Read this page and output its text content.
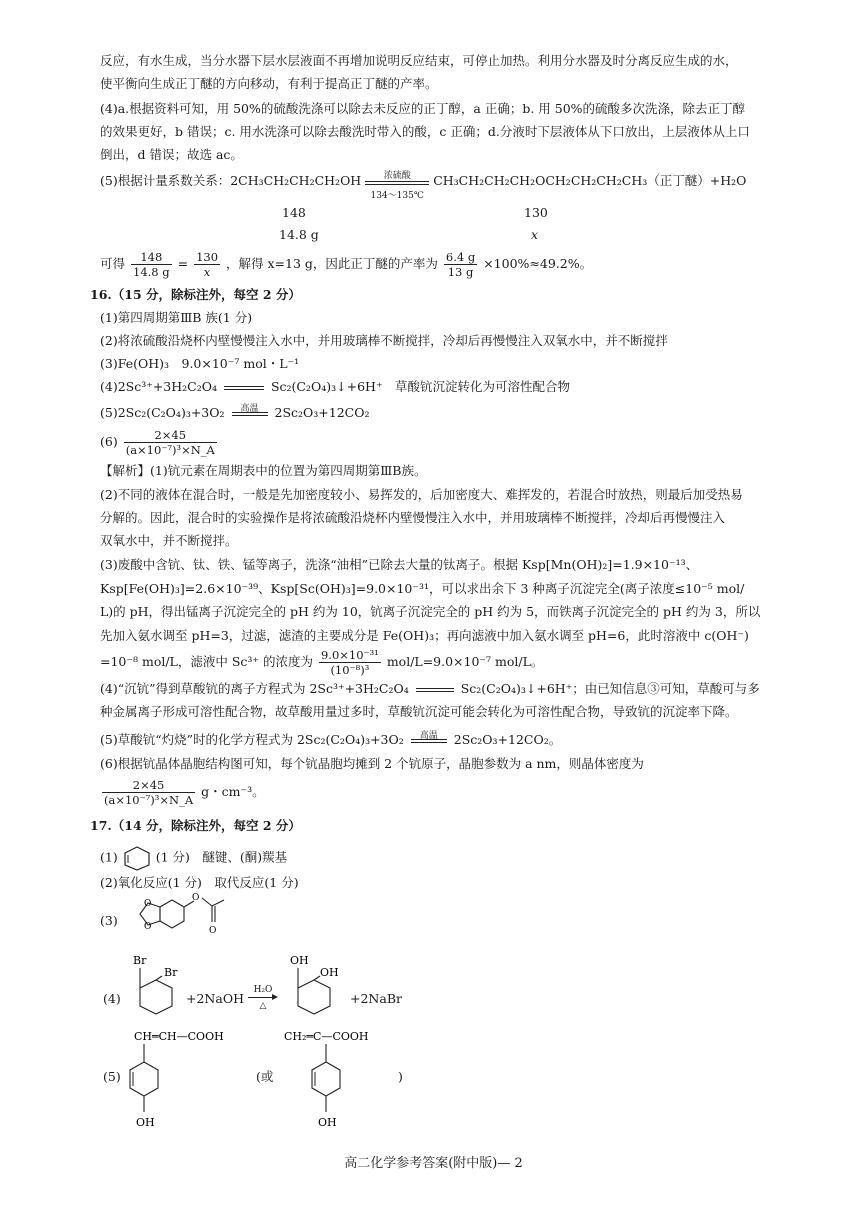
反应，有水生成，当分水器下层水层液面不再增加说明反应结束，可停止加热。利用分水器及时分离反应生成的水，
使平衡向生成正丁醚的方向移动，有利于提高正丁醚的产率。
(4)a.根据资料可知，用 50%的硫酸洗涤可以除去未反应的正丁醇，a 正确；b. 用 50%的硫酸多次洗涤，除去正丁醇
的效果更好，b 错误；c. 用水洗涤可以除去酸洗时带入的酸，c 正确；d.分液时下层液体从下口放出，上层液体从上口
倒出，d 错误；故选 ac。
(5)根据计量系数关系：2CH₃CH₂CH₂CH₂OH	浓硫酸
134～135℃
CH₃CH₂CH₂CH₂OCH₂CH₂CH₂CH₃（正丁醚）+H₂O
148	130
14.8 g	x
可得 $\frac{148}{14.8 g} = \frac{130}{x}$ ，解得 x=13 g，因此正丁醚的产率为 $\frac{6.4 g}{13 g} \times 100\%\approx 49.2\%$。
16.（15 分，除标注外，每空 2 分）
(1)第四周期第ⅢB 族(1 分)
(2)将浓硫酸沿烧杯内壁慢慢注入水中，并用玻璃棒不断搅拌，冷却后再慢慢注入双氧水中，并不断搅拌
(3)Fe(OH)₃　9.0×10⁻⁷ mol・L⁻¹
(4)2Sc³⁺+3H₂C₂O₄	Sc₂(C₂O₄)₃↓+6H⁺　草酸钪沉淀转化为可溶性配合物
(5)2Sc₂(C₂O₄)₃+3O₂	高温	2Sc₂O₃+12CO₂
$(6) \frac{2\times 45}{\text{(a×10⁻⁷)³×N\_A}}$
【解析】(1)钪元素在周期表中的位置为第四周期第ⅢB族。
(2)不同的液体在混合时，一般是先加密度较小、易挥发的，后加密度大、难挥发的，若混合时放热，则最后加受热易
分解的。因此，混合时的实验操作是将浓硫酸沿烧杯内壁慢慢注入水中，并用玻璃棒不断搅拌，冷却后再慢慢注入
双氧水中，并不断搅拌。
(3)废酸中含钪、钛、铁、锰等离子，洗涤“油相”已除去大量的钛离子。根据 Ksp[Mn(OH)₂]=1.9×10⁻¹³、
Ksp[Fe(OH)₃]=2.6×10⁻³⁹、Ksp[Sc(OH)₃]=9.0×10⁻³¹，可以求出余下 3 种离子沉淀完全(离子浓度≤10⁻⁵ mol/
L)的 pH，得出锰离子沉淀完全的 pH 约为 10，钪离子沉淀完全的 pH 约为 5，而铁离子沉淀完全的 pH 约为 3，所以
先加入氨水调至 pH=3，过滤，滤渣的主要成分是 Fe(OH)₃；再向滤液中加入氨水调至 pH=6，此时溶液中 c(OH⁻)
=10⁻⁸ mol/L，滤液中 Sc³⁺ 的浓度为 $\frac{\text{9.0×10⁻³¹}}{\text{(10⁻⁸)³}} mol/L=9.0\times 10^{-7}$ mol/L。
(4)“沉钪”得到草酸钪的离子方程式为 2Sc³⁺+3H₂C₂O₄	Sc₂(C₂O₄)₃↓+6H⁺；由已知信息③可知，草酸可与多
种金属离子形成可溶性配合物，故草酸用量过多时，草酸钪沉淀可能会转化为可溶性配合物，导致钪的沉淀率下降。
(5)草酸钪“灼烧”时的化学方程式为 2Sc₂(C₂O₄)₃+3O₂	高温	2Sc₂O₃+12CO₂。
(6)根据钪晶体晶胞结构图可知，每个钪晶胞均摊到 2 个钪原子，晶胞参数为 a nm，则晶体密度为
$\frac{2\times 45}{\text{(a×10⁻⁷)³×N\_A}}$ g・cm⁻³。
17.（14 分，除标注外，每空 2 分）
(1)	(1 分)　醚键、(酮)羰基
(2)氧化反应(1 分)　取代反应(1 分)
(3)
O
O
O
O
(4)
Br
Br
+2NaOH
H₂O
△
OH
OH
+2NaBr
(5)
CH═CH—COOH
OH
(或
CH₂═C—COOH
OH
)
高二化学参考答案(附中版)— 2
